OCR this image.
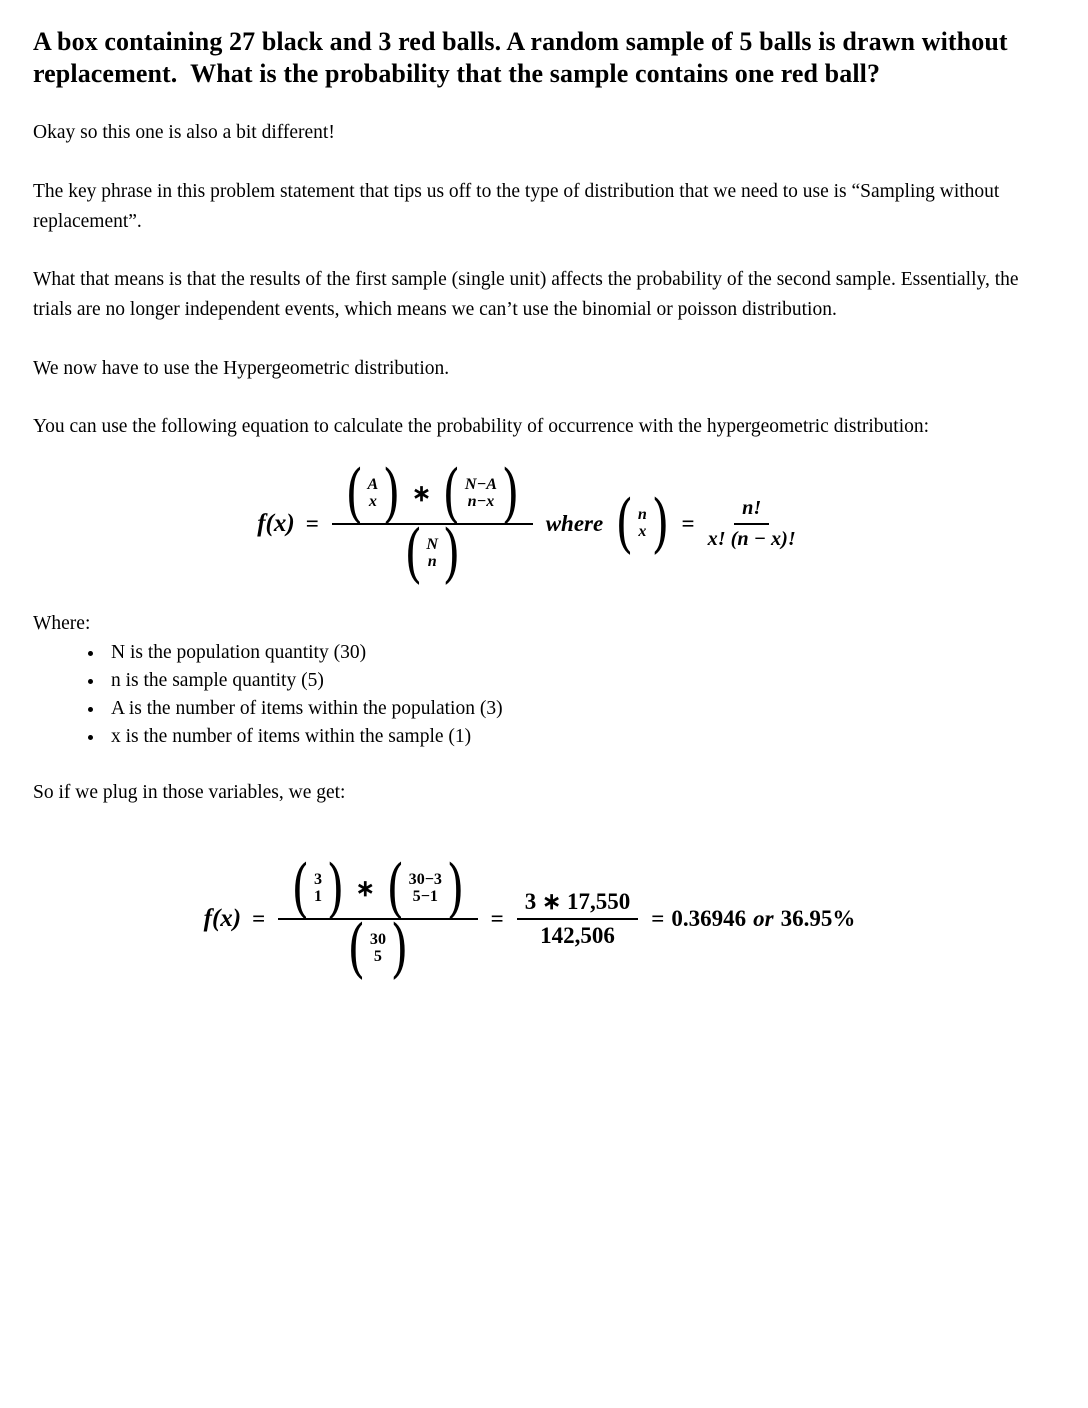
A box containing 27 black and 3 red balls. A random sample of 5 balls is drawn without replacement.  What is the probability that the sample contains one red ball?

Okay so this one is also a bit different!

The key phrase in this problem statement that tips us off to the type of distribution that we need to use is “Sampling without replacement”.

What that means is that the results of the first sample (single unit) affects the probability of the second sample. Essentially, the trials are no longer independent events, which means we can’t use the binomial or poisson distribution.

We now have to use the Hypergeometric distribution.

You can use the following equation to calculate the probability of occurrence with the hypergeometric distribution:

f(x) = ( A
x ) ∗ ( N−A
n−x )
( N
n )	where ( n
x ) = $\frac{n!}{x! (n - x)!}$

Where:

• N is the population quantity (30)
• n is the sample quantity (5)
• A is the number of items within the population (3)
• x is the number of items within the sample (1)

So if we plug in those variables, we get:

f(x) = ( 3
1 ) ∗ ( 30−3
5−1 )
( 30
5 )	= $\frac{3 ∗ 17,550}{142,506} = 0.36946$ or 36.95%
